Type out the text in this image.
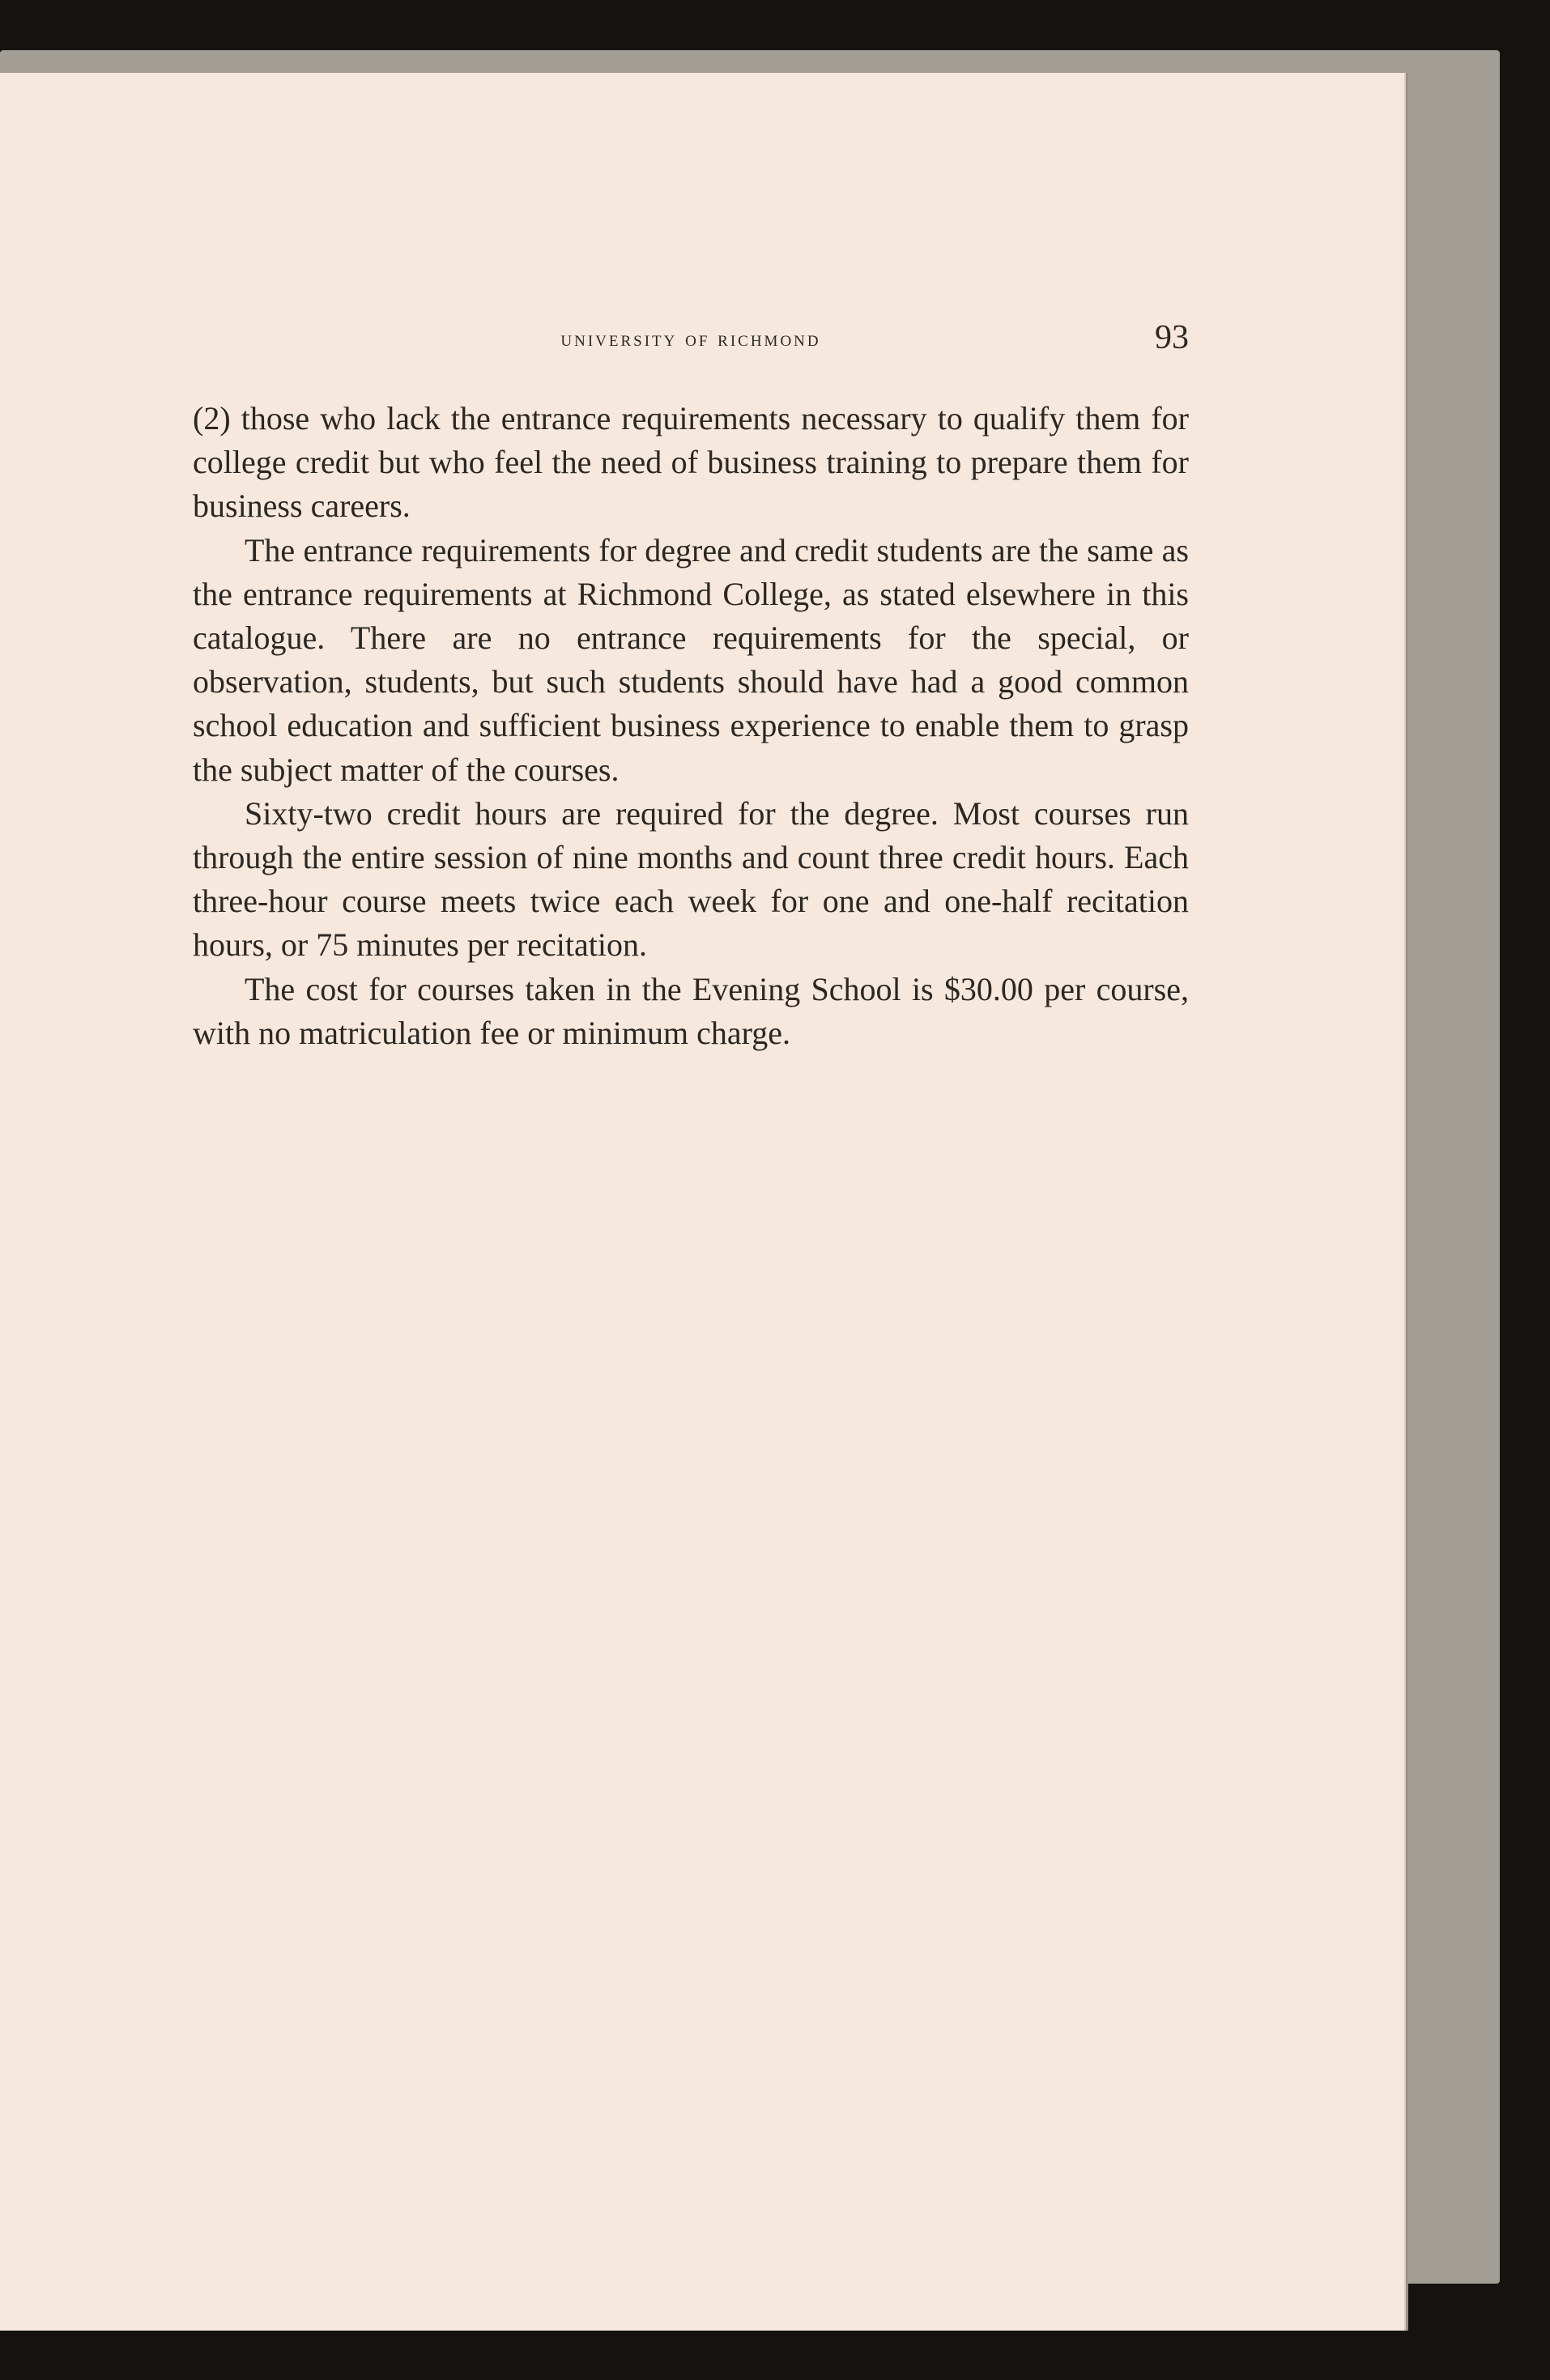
university of richmond	93

(2) those who lack the entrance requirements necessary to qualify them for college credit but who feel the need of business training to prepare them for business careers.

The entrance requirements for degree and credit students are the same as the entrance requirements at Richmond College, as stated elsewhere in this catalogue. There are no entrance requirements for the special, or observation, students, but such students should have had a good common school education and sufficient business experience to enable them to grasp the subject matter of the courses.

Sixty-two credit hours are required for the degree. Most courses run through the entire session of nine months and count three credit hours. Each three-hour course meets twice each week for one and one-half recitation hours, or 75 minutes per recitation.

The cost for courses taken in the Evening School is $30.00 per course, with no matriculation fee or minimum charge.
